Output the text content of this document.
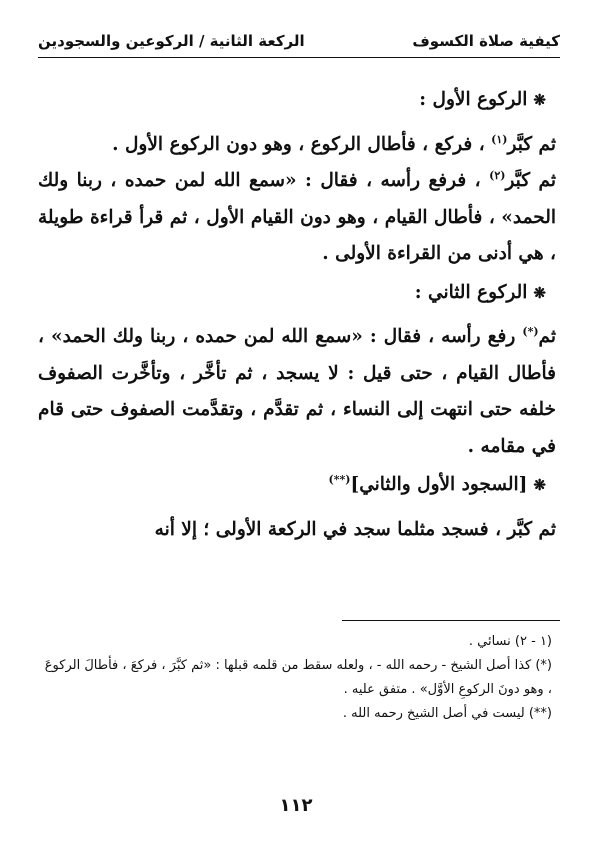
كيفية صلاة الكسوف
الركعة الثانية / الركوعين والسجودين

❋الركوع الأول :

ثم كبَّر$^{(١)}$ ، فركع ، فأطال الركوع ، وهو دون الركوع الأول .

ثم كبَّر$^{(٢)}$ ، فرفع رأسه ، فقال : «سمع الله لمن حمده ، ربنا ولك الحمد» ، فأطال القيام ، وهو دون القيام الأول ، ثم قرأ قراءة طويلة ، هي أدنى من القراءة الأولى .

❋الركوع الثاني :

ثم(*) رفع رأسه ، فقال : «سمع الله لمن حمده ، ربنا ولك الحمد» ، فأطال القيام ، حتى قيل : لا يسجد ، ثم تأخَّر ، وتأخَّرت الصفوف خلفه حتى انتهت إلى النساء ، ثم تقدَّم ، وتقدَّمت الصفوف حتى قام في مقامه .

❋[السجود الأول والثاني](**)

ثم كبَّر ، فسجد مثلما سجد في الركعة الأولى ؛ إلا أنه

(١ - ٢) نسائي .

(*) كذا أصل الشيخ - رحمه الله - ، ولعله سقط من قلمه قبلها : «ثم كبَّرَ ، فركعَ ، فأطالَ الركوعَ ، وهو دونَ الركوعِ الأوَّل» . متفق عليه .

(**) ليست في أصل الشيخ رحمه الله .

١١٢
